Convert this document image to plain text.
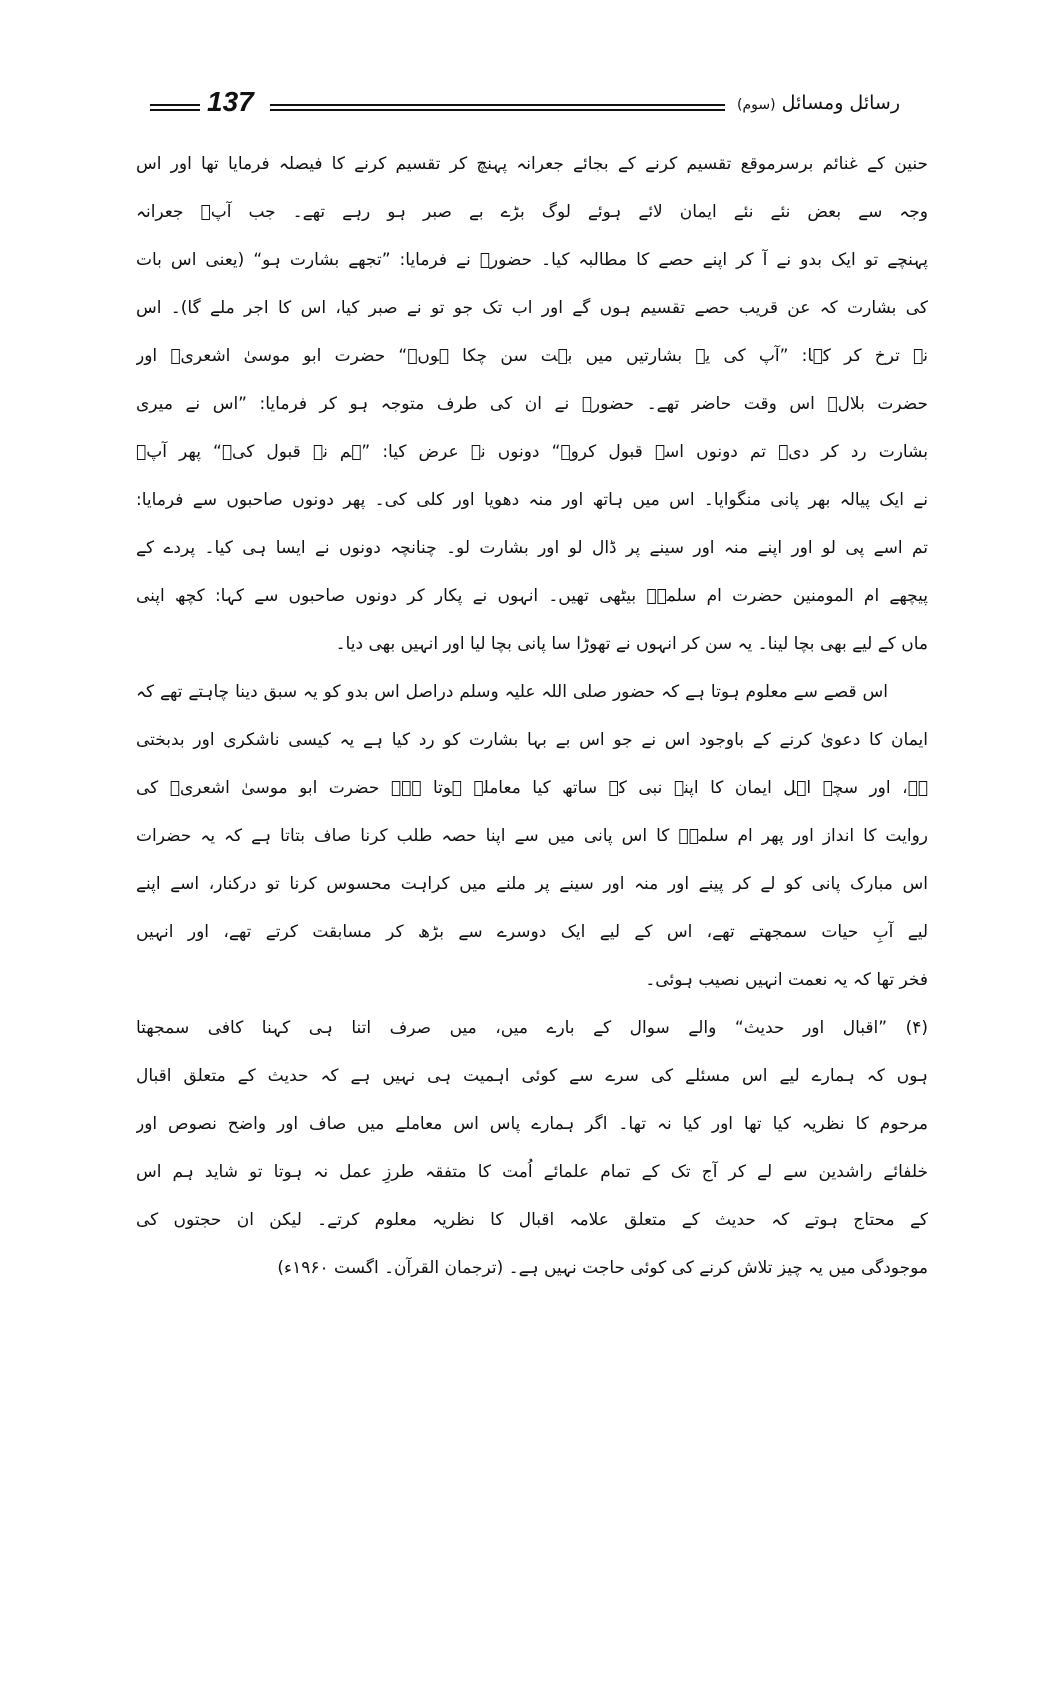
137	رسائل ومسائل (سوم)
حنین کے غنائم برسرموقع تقسیم کرنے کے بجائے جعرانہ پہنچ کر تقسیم کرنے کا فیصلہ فرمایا تھا اور اس
وجہ سے بعض نئے نئے ایمان لائے ہوئے لوگ بڑے بے صبر ہو رہے تھے۔ جب آپؐ جعرانہ
پہنچے تو ایک بدو نے آ کر اپنے حصے کا مطالبہ کیا۔ حضورؐ نے فرمایا: ”تجھے بشارت ہو“ (یعنی اس بات
کی بشارت کہ عن قریب حصے تقسیم ہوں گے اور اب تک جو تو نے صبر کیا، اس کا اجر ملے گا)۔ اس
نے ترخ کر کہا: ”آپ کی یہ بشارتیں میں بہت سن چکا ہوں۔“ حضرت ابو موسیٰ اشعریؓ اور
حضرت بلالؓ اس وقت حاضر تھے۔ حضورؐ نے ان کی طرف متوجہ ہو کر فرمایا: ”اس نے میری
بشارت رد کر دی۔ تم دونوں اسے قبول کرو۔“ دونوں نے عرض کیا: ”ہم نے قبول کی۔“ پھر آپؐ
نے ایک پیالہ بھر پانی منگوایا۔ اس میں ہاتھ اور منہ دھویا اور کلی کی۔ پھر دونوں صاحبوں سے فرمایا:
تم اسے پی لو اور اپنے منہ اور سینے پر ڈال لو اور بشارت لو۔ چنانچہ دونوں نے ایسا ہی کیا۔ پردے کے
پیچھے ام المومنین حضرت ام سلمہؓ بیٹھی تھیں۔ انہوں نے پکار کر دونوں صاحبوں سے کہا: کچھ اپنی
ماں کے لیے بھی بچا لینا۔ یہ سن کر انہوں نے تھوڑا سا پانی بچا لیا اور انہیں بھی دیا۔
اس قصے سے معلوم ہوتا ہے کہ حضور صلی اللہ علیہ وسلم دراصل اس بدو کو یہ سبق دینا چاہتے تھے کہ
ایمان کا دعویٰ کرنے کے باوجود اس نے جو اس بے بہا بشارت کو رد کیا ہے یہ کیسی ناشکری اور بدبختی
ہے، اور سچے اہل ایمان کا اپنے نبی کے ساتھ کیا معاملہ ہوتا ہے۔ حضرت ابو موسیٰ اشعریؓ کی
روایت کا انداز اور پھر ام سلمہؓ کا اس پانی میں سے اپنا حصہ طلب کرنا صاف بتاتا ہے کہ یہ حضرات
اس مبارک پانی کو لے کر پینے اور منہ اور سینے پر ملنے میں کراہت محسوس کرنا تو درکنار، اسے اپنے
لیے آبِ حیات سمجھتے تھے، اس کے لیے ایک دوسرے سے بڑھ کر مسابقت کرتے تھے، اور انہیں
فخر تھا کہ یہ نعمت انہیں نصیب ہوئی۔
(۴) ”اقبال اور حدیث“ والے سوال کے بارے میں، میں صرف اتنا ہی کہنا کافی سمجھتا
ہوں کہ ہمارے لیے اس مسئلے کی سرے سے کوئی اہمیت ہی نہیں ہے کہ حدیث کے متعلق اقبال
مرحوم کا نظریہ کیا تھا اور کیا نہ تھا۔ اگر ہمارے پاس اس معاملے میں صاف اور واضح نصوص اور
خلفائے راشدین سے لے کر آج تک کے تمام علمائے اُمت کا متفقہ طرزِ عمل نہ ہوتا تو شاید ہم اس
کے محتاج ہوتے کہ حدیث کے متعلق علامہ اقبال کا نظریہ معلوم کرتے۔ لیکن ان حجتوں کی
موجودگی میں یہ چیز تلاش کرنے کی کوئی حاجت نہیں ہے۔ (ترجمان القرآن۔ اگست ۱۹۶۰ء)
